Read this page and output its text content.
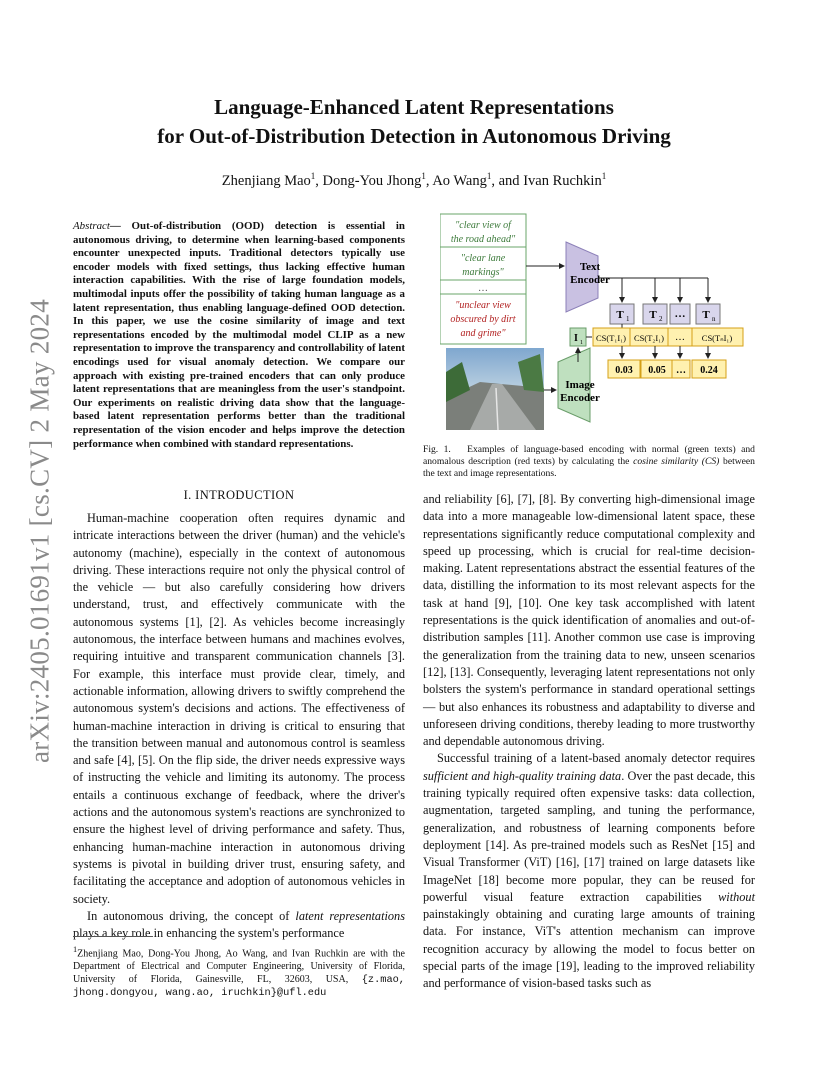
Language-Enhanced Latent Representations
for Out-of-Distribution Detection in Autonomous Driving
Zhenjiang Mao$^1$, Dong-You Jhong$^1$, Ao Wang$^1$, and Ivan Ruchkin$^1$
arXiv:2405.01691v1 [cs.CV] 2 May 2024
Abstract— Out-of-distribution (OOD) detection is essential in autonomous driving, to determine when learning-based components encounter unexpected inputs. Traditional detectors typically use encoder models with fixed settings, thus lacking effective human interaction capabilities. With the rise of large foundation models, multimodal inputs offer the possibility of taking human language as a latent representation, thus enabling language-defined OOD detection. In this paper, we use the cosine similarity of image and text representations encoded by the multimodal model CLIP as a new representation to improve the transparency and controllability of latent encodings used for visual anomaly detection. We compare our approach with existing pre-trained encoders that can only produce latent representations that are meaningless from the user's standpoint. Our experiments on realistic driving data show that the language-based latent representation performs better than the traditional representation of the vision encoder and helps improve the detection performance when combined with standard representations.
I. INTRODUCTION

Human-machine cooperation often requires dynamic and intricate interactions between the driver (human) and the vehicle's autonomy (machine), especially in the context of autonomous driving. These interactions require not only the physical control of the vehicle — but also carefully considering how drivers understand, trust, and effectively communicate with the autonomous systems [1], [2]. As vehicles become increasingly autonomous, the interface between humans and machines evolves, requiring intuitive and transparent communication channels [3]. For example, this interface must provide clear, timely, and actionable information, allowing drivers to swiftly comprehend the autonomous system's decisions and actions. The effectiveness of human-machine interaction in driving is critical to ensuring that the transition between manual and autonomous control is seamless and safe [4], [5]. On the flip side, the driver needs expressive ways of instructing the vehicle and limiting its autonomy. The process entails a continuous exchange of feedback, where the driver's actions and the autonomous system's reactions are synchronized to ensure the highest level of driving performance and safety. Thus, enhancing human-machine interaction in autonomous driving systems is pivotal in building driver trust, ensuring safety, and facilitating the acceptance and adoption of autonomous vehicles in society.

In autonomous driving, the concept of latent representations plays a key role in enhancing the system's performance

$^1$Zhenjiang Mao, Dong-You Jhong, Ao Wang, and Ivan Ruchkin are with the Department of Electrical and Computer Engineering, University of Florida, University of Florida, Gainesville, FL, 32603, USA, {z.mao, jhong.dongyou, wang.ao, iruchkin}@ufl.edu
"clear view of
the road ahead"
"clear lane
markings"
…
"unclear view
obscured by dirt
and grime"
Text
Encoder
T 1 T 2 … T n
I 1 CS(T₁I₁) CS(T₂I₁) … CS(TₙI₁)
0.03 0.05 … 0.24
Image
Encoder
Fig. 1. Examples of language-based encoding with normal (green texts) and anomalous description (red texts) by calculating the cosine similarity (CS) between the text and image representations.

and reliability [6], [7], [8]. By converting high-dimensional image data into a more manageable low-dimensional latent space, these representations significantly reduce computational complexity and speed up processing, which is crucial for real-time decision-making. Latent representations abstract the essential features of the data, distilling the information to its most relevant aspects for the task at hand [9], [10]. One key task accomplished with latent representations is the quick identification of anomalies and out-of-distribution samples [11]. Another common use case is improving the generalization from the training data to new, unseen scenarios [12], [13]. Consequently, leveraging latent representations not only bolsters the system's performance in standard operational settings — but also enhances its robustness and adaptability to diverse and unforeseen driving conditions, thereby leading to more trustworthy and dependable autonomous driving.

Successful training of a latent-based anomaly detector requires sufficient and high-quality training data. Over the past decade, this training typically required often expensive tasks: data collection, augmentation, targeted sampling, and tuning the performance, generalization, and robustness of learning components before deployment [14]. As pre-trained models such as ResNet [15] and Visual Transformer (ViT) [16], [17] trained on large datasets like ImageNet [18] become more popular, they can be reused for powerful visual feature extraction capabilities without painstakingly obtaining and curating large amounts of training data. For instance, ViT's attention mechanism can improve recognition accuracy by allowing the model to focus better on special parts of the image [19], leading to the improved reliability and performance of vision-based tasks such as
